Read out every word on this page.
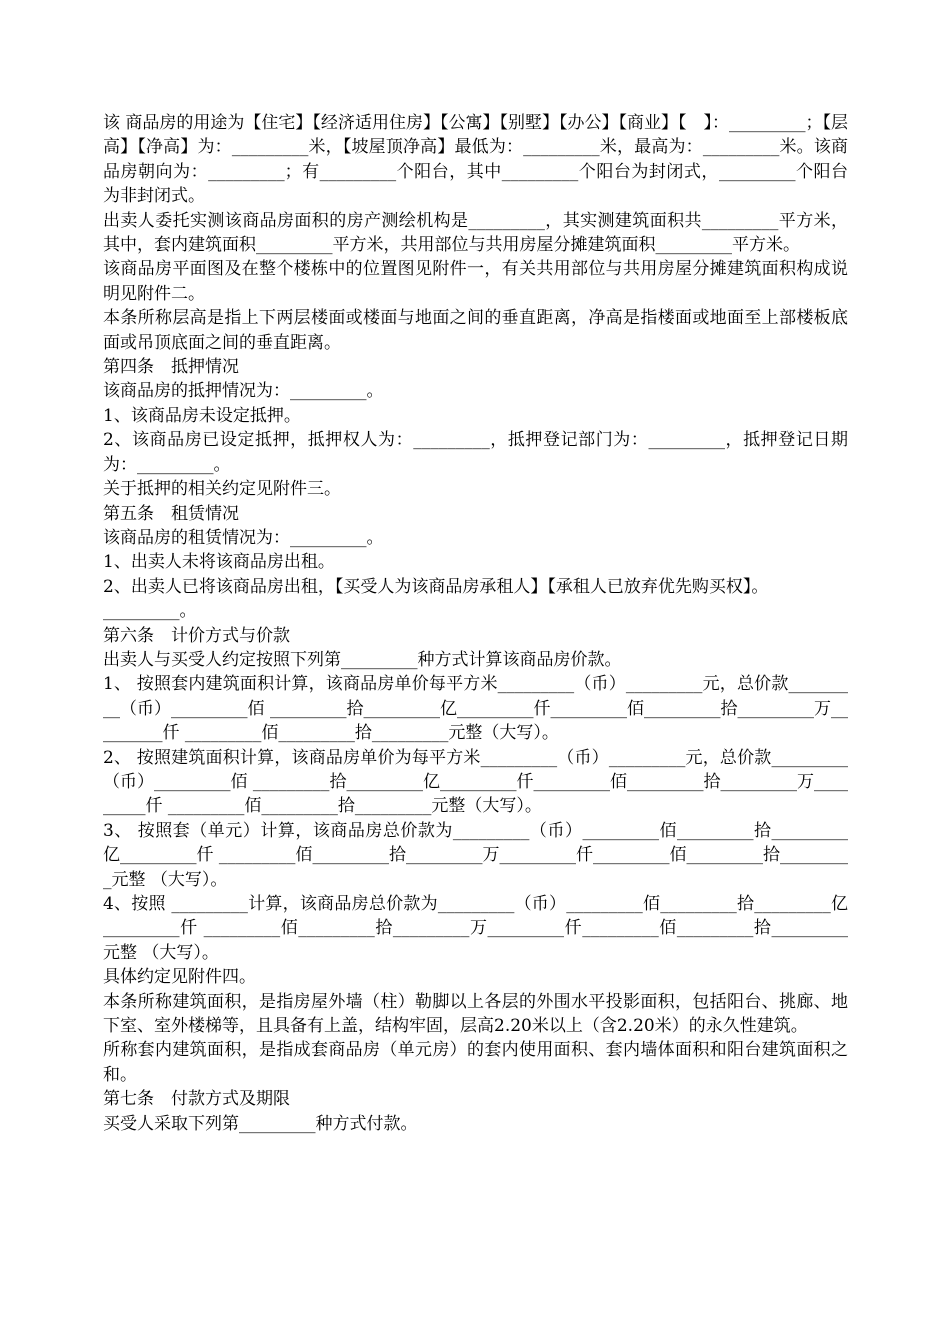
该 商品房的用途为【住宅】【经济适用住房】【公寓】【别墅】【办公】【商业】【　】：_________；【层高】【净高】为：_________米，【坡屋顶净高】最低为：_________米，最高为：_________米。该商 品房朝向为：_________；有_________个阳台，其中_________个阳台为封闭式，_________个阳台为非封闭式。

出卖人委托实测该商品房面积的房产测绘机构是_________，其实测建筑面积共_________平方米，其中，套内建筑面积_________平方米，共用部位与共用房屋分摊建筑面积_________平方米。

该商品房平面图及在整个楼栋中的位置图见附件一，有关共用部位与共用房屋分摊建筑面积构成说明见附件二。

本条所称层高是指上下两层楼面或楼面与地面之间的垂直距离，净高是指楼面或地面至上部楼板底面或吊顶底面之间的垂直距离。

第四条　抵押情况

该商品房的抵押情况为：_________。

1、该商品房未设定抵押。

2、该商品房已设定抵押，抵押权人为：_________，抵押登记部门为：_________，抵押登记日期为：_________。

关于抵押的相关约定见附件三。

第五条　租赁情况

该商品房的租赁情况为：_________。

1、出卖人未将该商品房出租。

2、出卖人已将该商品房出租，【买受人为该商品房承租人】【承租人已放弃优先购买权】。

_________。

第六条　计价方式与价款

出卖人与买受人约定按照下列第_________种方式计算该商品房价款。

1、 按照套内建筑面积计算，该商品房单价每平方米_________（币）_________元，总价款_________（币）_________佰 _________拾_________亿_________仟_________佰_________拾_________万_________仟 _________佰_________拾_________元整（大写）。

2、 按照建筑面积计算，该商品房单价为每平方米_________（币）_________元，总价款_________（币）_________佰 _________拾_________亿_________仟_________佰_________拾_________万_________仟 _________佰_________拾_________元整（大写）。

3、 按照套（单元）计算，该商品房总价款为_________（币）_________佰_________拾_________亿_________仟 _________佰_________拾_________万_________仟_________佰_________拾_________元整 （大写）。

4、按照 _________计算，该商品房总价款为_________（币）_________佰_________拾_________亿_________仟 _________佰_________拾_________万_________仟_________佰_________拾_________元整 （大写）。

具体约定见附件四。

本条所称建筑面积，是指房屋外墙（柱）勒脚以上各层的外围水平投影面积，包括阳台、挑廊、地下室、室外楼梯等，且具备有上盖，结构牢固，层高2.20米以上（含2.20米）的永久性建筑。

所称套内建筑面积，是指成套商品房（单元房）的套内使用面积、套内墙体面积和阳台建筑面积之和。

第七条　付款方式及期限

买受人采取下列第_________种方式付款。
